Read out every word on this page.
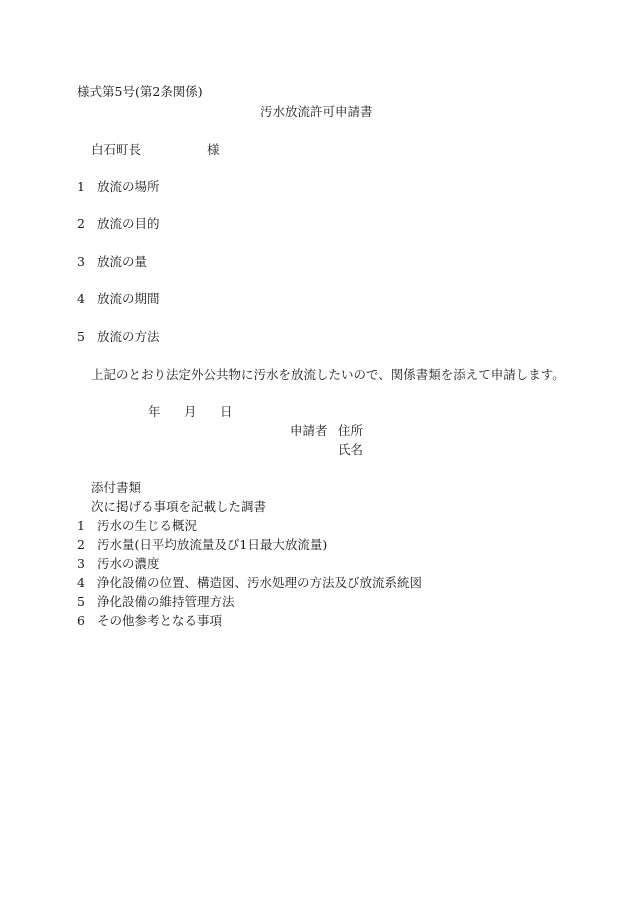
様式第5号(第2条関係)
汚水放流許可申請書
白石町長	様
1 放流の場所
2 放流の目的
3 放流の量
4 放流の期間
5 放流の方法
上記のとおり法定外公共物に汚水を放流したいので、関係書類を添えて申請します。
年 月 日
申請者 住所
氏名
添付書類
次に掲げる事項を記載した調書
1 汚水の生じる概況
2 汚水量(日平均放流量及び1日最大放流量)
3 汚水の濃度
4 浄化設備の位置、構造図、汚水処理の方法及び放流系統図
5 浄化設備の維持管理方法
6 その他参考となる事項
